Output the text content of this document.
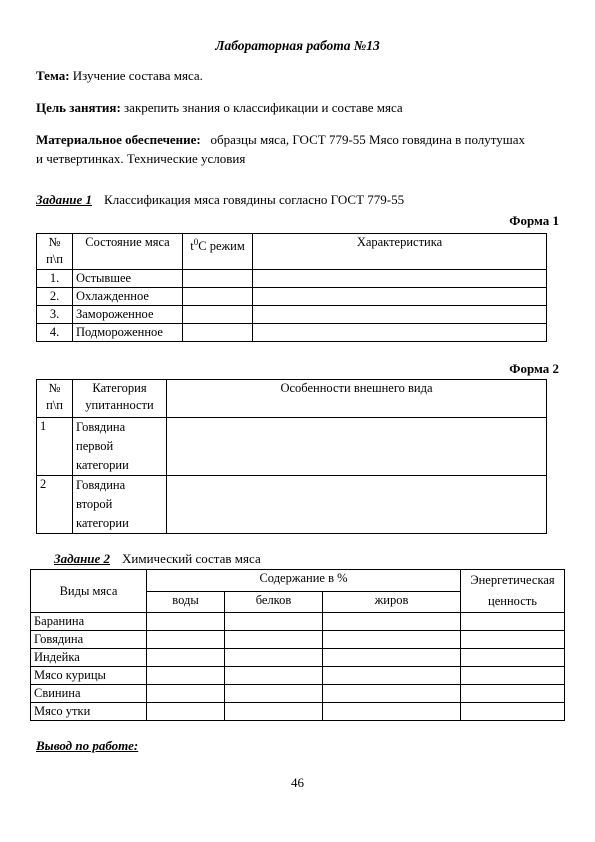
Лабораторная работа №13
Тема: Изучение состава мяса.
Цель занятия: закрепить знания о классификации и составе мяса
Материальное обеспечение:   образцы мяса, ГОСТ 779-55 Мясо говядина в полутушах
и четвертинках. Технические условия
Задание 1 Классификация мяса говядины согласно ГОСТ 779-55
Форма 1
№ п\п	Состояние мяса	$t^0C$ режим	Характеристика
1.	Остывшее		
2.	Охлажденное		
3.	Замороженное		
4.	Подмороженное		
Форма 2
№ п\п	Категория упитанности	Особенности внешнего вида
1	Говядина первой категории	
2	Говядина второй категории	
Задание 2 Химический состав мяса
Виды мяса	Содержание в %			Энергетическая ценность
	воды	белков	жиров	
Баранина				
Говядина				
Индейка				
Мясо курицы				
Свинина				
Мясо утки				
Вывод по работе:
46
